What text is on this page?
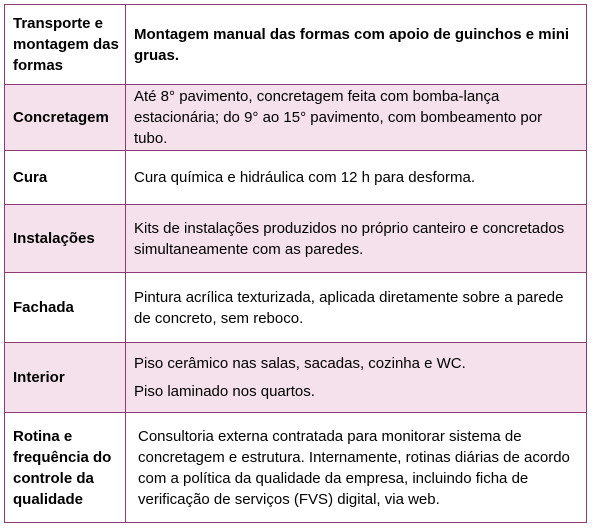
Transporte e montagem das formas	Montagem manual das formas com apoio de guinchos e mini gruas.
Concretagem	Até 8° pavimento, concretagem feita com bomba-lança estacionária; do 9° ao 15° pavimento, com bombeamento por tubo.
Cura	Cura química e hidráulica com 12 h para desforma.
Instalações	Kits de instalações produzidos no próprio canteiro e concretados simultaneamente com as paredes.
Fachada	Pintura acrílica texturizada, aplicada diretamente sobre a parede de concreto, sem reboco.
Interior	Piso cerâmico nas salas, sacadas, cozinha e WC.
Piso laminado nos quartos.

Rotina e frequência do controle da qualidade	Consultoria externa contratada para monitorar sistema de concretagem e estrutura. Internamente, rotinas diárias de acordo com a política da qualidade da empresa, incluindo ficha de verificação de serviços (FVS) digital, via web.
